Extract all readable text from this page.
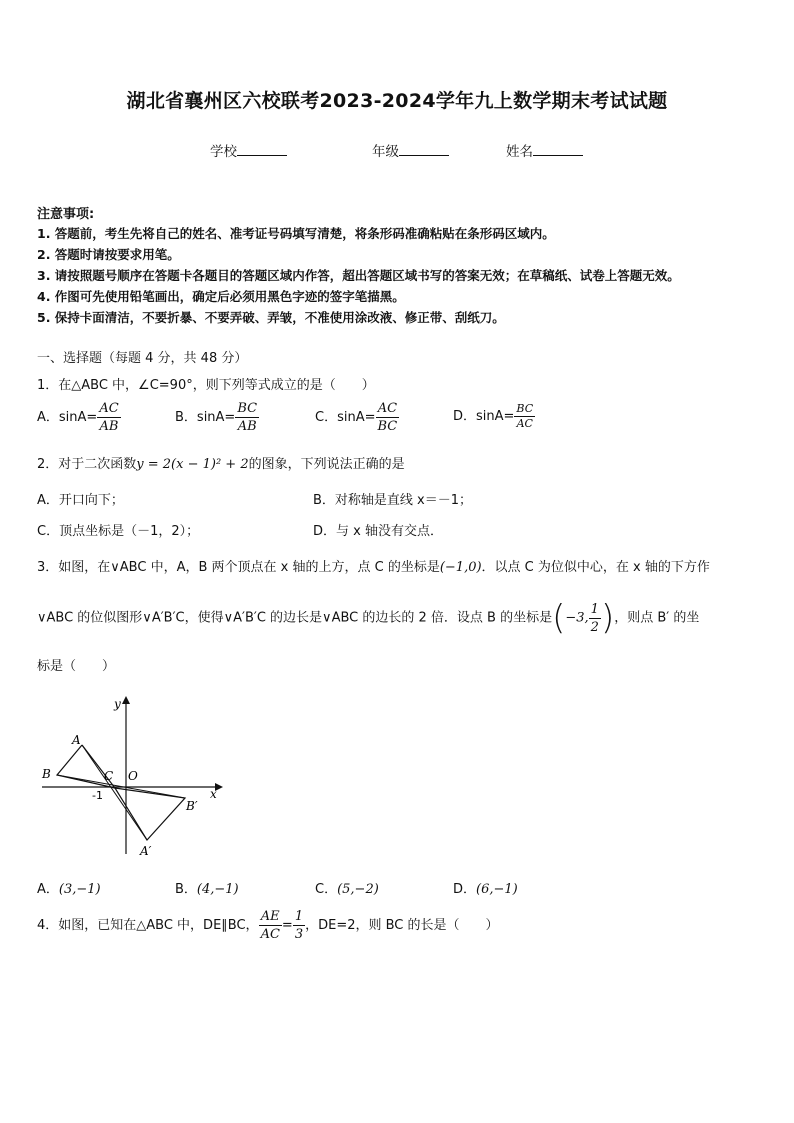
湖北省襄州区六校联考2023-2024学年九上数学期末考试试题
学校	年级	姓名
注意事项:
1. 答题前，考生先将自己的姓名、准考证号码填写清楚，将条形码准确粘贴在条形码区域内。
2. 答题时请按要求用笔。
3. 请按照题号顺序在答题卡各题目的答题区域内作答，超出答题区域书写的答案无效；在草稿纸、试卷上答题无效。
4. 作图可先使用铅笔画出，确定后必须用黑色字迹的签字笔描黑。
5. 保持卡面清洁，不要折暴、不要弄破、弄皱，不准使用涂改液、修正带、刮纸刀。
一、选择题（每题 4 分，共 48 分）
1．在△ABC 中，∠C=90°，则下列等式成立的是（　　）
A．$\sin A= \frac{AC}{AB}$	B．$\sin A= \frac{BC}{AB}$	C．$\sin A= \frac{AC}{BC}$	D．$\sin A= \frac{BC}{AC}$
2．对于二次函数y = 2(x − 1)² + 2的图象，下列说法正确的是
A．开口向下；	B．对称轴是直线 x＝－1；
C．顶点坐标是（－1，2）；	D．与 x 轴没有交点．
3．如图，在∨ABC 中，A，B 两个顶点在 x 轴的上方，点 C 的坐标是(−1,0)．以点 C 为位似中心，在 x 轴的下方作
∨ABC 的位似图形∨A′B′C，使得∨A′B′C 的边长是∨ABC 的边长的 2 倍．设点 B 的坐标是(−3, $\frac{1}{2}$ )，则点 B′ 的坐
标是（　　）
A
B	C O
-1
B′
A′
x
y
A．(3,−1)	B．(4,−1)	C．(5,−2)	D．(6,−1)
4．如图，已知在△ABC 中，DE∥BC， $\frac{AE}{AC} = \frac{1}{3}$ ，DE=2，则 BC 的长是（　　）
